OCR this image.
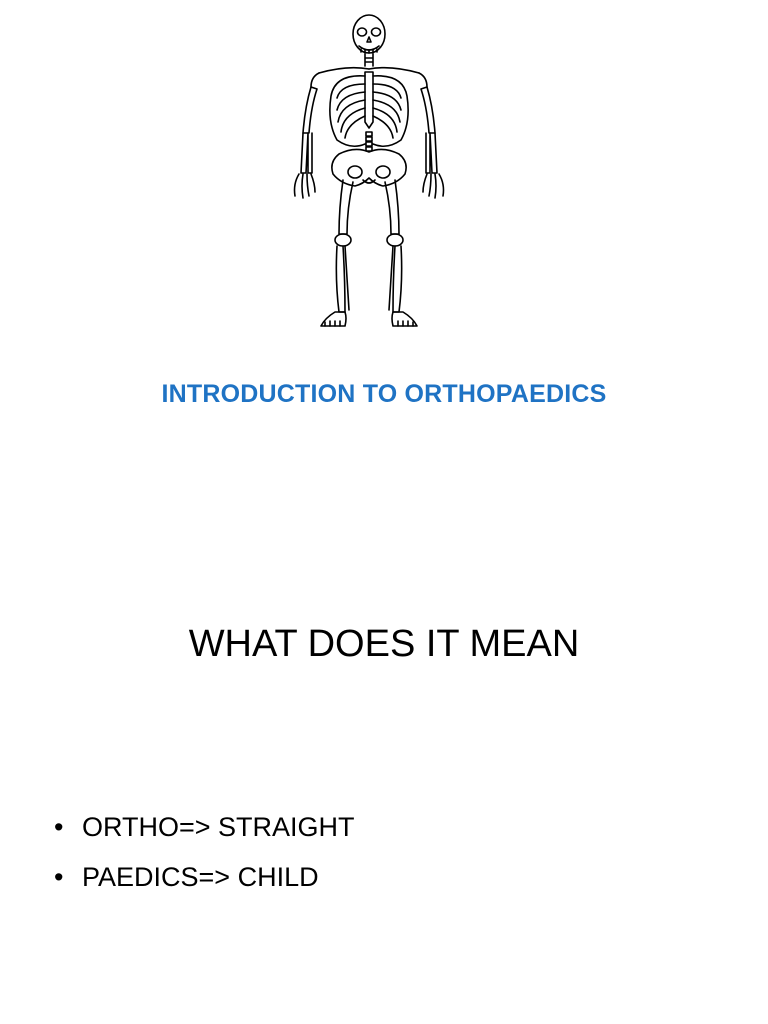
INTRODUCTION TO ORTHOPAEDICS
WHAT DOES IT MEAN
• ORTHO=> STRAIGHT
• PAEDICS=> CHILD
